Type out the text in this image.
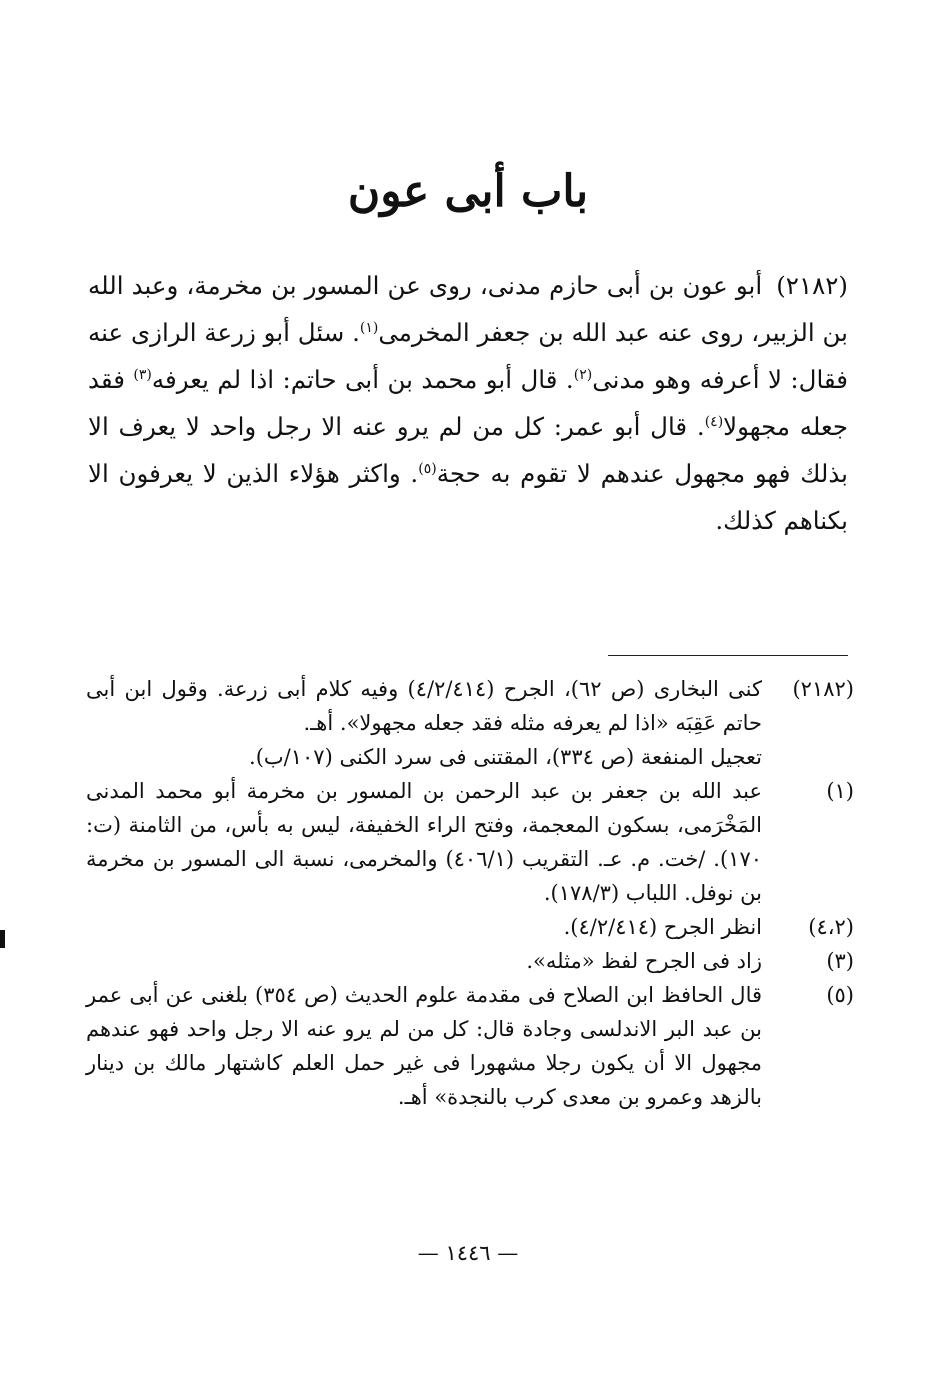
باب أبى عون

(٢١٨٢) أبو عون بن أبى حازم مدنى، روى عن المسور بن مخرمة، وعبد الله بن الزبير، روى عنه عبد الله بن جعفر المخرمى$^{(١)}$. سئل أبو زرعة الرازى عنه فقال: لا أعرفه وهو مدنى$^{(٢)}$. قال أبو محمد بن أبى حاتم: اذا لم يعرفه$^{(٣)}$ فقد جعله مجهولا$^{(٤)}$. قال أبو عمر: كل من لم يرو عنه الا رجل واحد لا يعرف الا بذلك فهو مجهول عندهم لا تقوم به حجة$^{(٥)}$. واكثر هؤلاء الذين لا يعرفون الا بكناهم كذلك.

(٢١٨٢)

كنى البخارى (ص ٦٢)، الجرح (٤/٢/٤١٤) وفيه كلام أبى زرعة. وقول ابن أبى حاتم عَقِبَه «اذا لم يعرفه مثله فقد جعله مجهولا». أهـ.

تعجيل المنفعة (ص ٣٣٤)، المقتنى فى سرد الكنى (١٠٧/ب).

(١)

عبد الله بن جعفر بن عبد الرحمن بن المسور بن مخرمة أبو محمد المدنى المَخْرَمى، بسكون المعجمة، وفتح الراء الخفيفة، ليس به بأس، من الثامنة (ت: ١٧٠). /خت. م. عـ. التقريب (٤٠٦/١) والمخرمى، نسبة الى المسور بن مخرمة بن نوفل. اللباب (١٧٨/٣).

(٤،٢)

انظر الجرح (٤/٢/٤١٤).

(٣)

زاد فى الجرح لفظ «مثله».

(٥)

قال الحافظ ابن الصلاح فى مقدمة علوم الحديث (ص ٣٥٤) بلغنى عن أبى عمر بن عبد البر الاندلسى وجادة قال: كل من لم يرو عنه الا رجل واحد فهو عندهم مجهول الا أن يكون رجلا مشهورا فى غير حمل العلم كاشتهار مالك بن دينار بالزهد وعمرو بن معدى كرب بالنجدة» أهـ.

— ١٤٤٦ —
